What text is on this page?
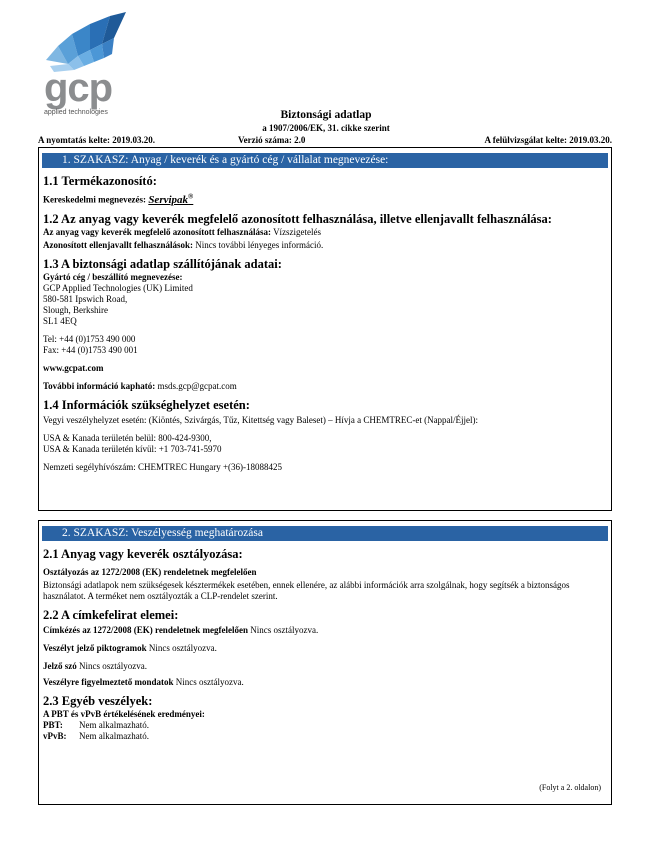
gcp
applied technologies	Biztonsági adatlap
a 1907/2006/EK, 31. cikke szerint
A nyomtatás kelte: 2019.03.20.	Verzió száma: 2.0	A felülvizsgálat kelte: 2019.03.20.
1. SZAKASZ: Anyag / keverék és a gyártó cég / vállalat megnevezése:
1.1 Termékazonosító:
Kereskedelmi megnevezés: Servipak®
1.2 Az anyag vagy keverék megfelelő azonosított felhasználása, illetve ellenjavallt felhasználása:
Az anyag vagy keverék megfelelő azonosított felhasználása: Vízszigetelés
Azonosított ellenjavallt felhasználások: Nincs további lényeges információ.
1.3 A biztonsági adatlap szállítójának adatai:
Gyártó cég / beszállító megnevezése:
GCP Applied Technologies (UK) Limited
580-581 Ipswich Road,
Slough, Berkshire
SL1 4EQ
Tel: +44 (0)1753 490 000
Fax: +44 (0)1753 490 001
www.gcpat.com
További információ kapható: msds.gcp@gcpat.com
1.4 Információk szükséghelyzet esetén:
Vegyi veszélyhelyzet esetén: (Kiöntés, Szivárgás, Tűz, Kitettség vagy Baleset) – Hívja a CHEMTREC-et (Nappal/Éjjel):
USA & Kanada területén belül: 800-424-9300,
USA & Kanada területén kívül: +1 703-741-5970
Nemzeti segélyhívószám: CHEMTREC Hungary +(36)-18088425
2. SZAKASZ: Veszélyesség meghatározása
2.1 Anyag vagy keverék osztályozása:
Osztályozás az 1272/2008 (EK) rendeletnek megfelelően
Biztonsági adatlapok nem szükségesek késztermékek esetében, ennek ellenére, az alábbi információk arra szolgálnak, hogy segítsék a biztonságos használatot. A terméket nem osztályozták a CLP-rendelet szerint.
2.2 A címkefelirat elemei:
Címkézés az 1272/2008 (EK) rendeletnek megfelelően Nincs osztályozva.
Veszélyt jelző piktogramok Nincs osztályozva.
Jelző szó Nincs osztályozva.
Veszélyre figyelmeztető mondatok Nincs osztályozva.
2.3 Egyéb veszélyek:
A PBT és vPvB értékelésének eredményei:
PBT: Nem alkalmazható.
vPvB: Nem alkalmazható.
(Folyt a 2. oldalon)
